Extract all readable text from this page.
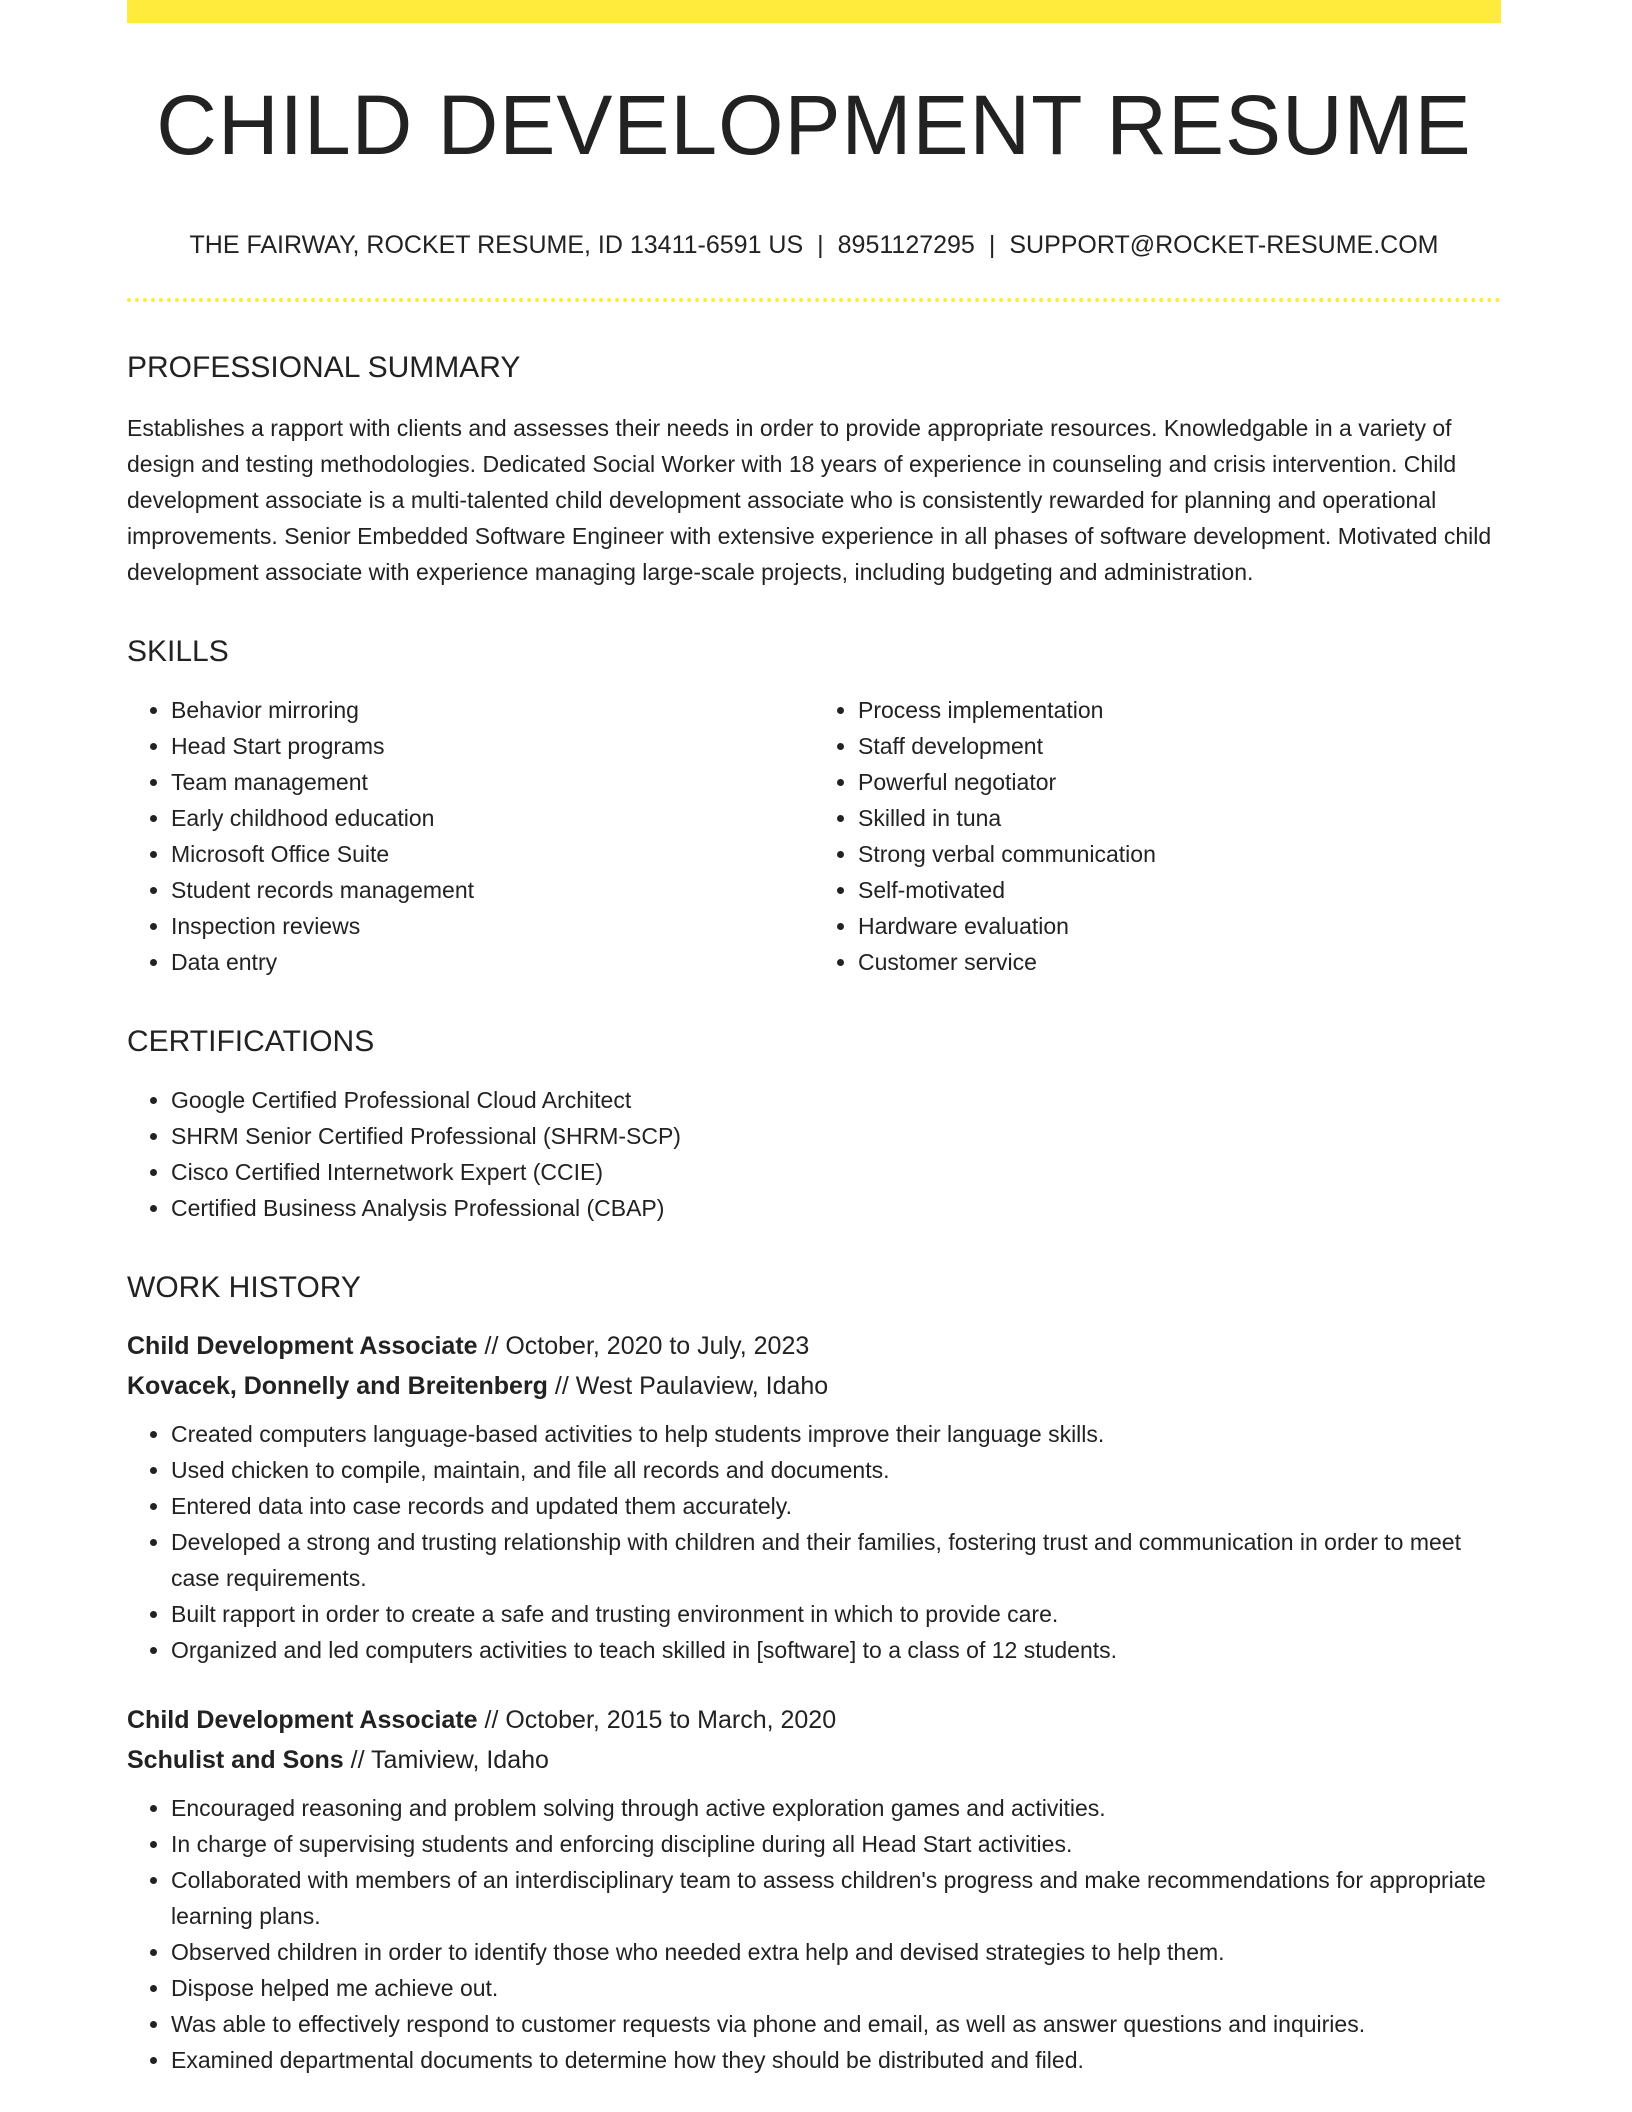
CHILD DEVELOPMENT RESUME
THE FAIRWAY, ROCKET RESUME, ID 13411-6591 US | 8951127295 | SUPPORT@ROCKET-RESUME.COM
PROFESSIONAL SUMMARY

Establishes a rapport with clients and assesses their needs in order to provide appropriate resources. Knowledgable in a variety of design and testing methodologies. Dedicated Social Worker with 18 years of experience in counseling and crisis intervention. Child development associate is a multi-talented child development associate who is consistently rewarded for planning and operational improvements. Senior Embedded Software Engineer with extensive experience in all phases of software development. Motivated child development associate with experience managing large-scale projects, including budgeting and administration.

SKILLS
• Behavior mirroring
• Head Start programs
• Team management
• Early childhood education
• Microsoft Office Suite
• Student records management
• Inspection reviews
• Data entry
• Process implementation
• Staff development
• Powerful negotiator
• Skilled in tuna
• Strong verbal communication
• Self-motivated
• Hardware evaluation
• Customer service
CERTIFICATIONS
• Google Certified Professional Cloud Architect
• SHRM Senior Certified Professional (SHRM-SCP)
• Cisco Certified Internetwork Expert (CCIE)
• Certified Business Analysis Professional (CBAP)
WORK HISTORY
Child Development Associate // October, 2020 to July, 2023
Kovacek, Donnelly and Breitenberg // West Paulaview, Idaho
• Created computers language-based activities to help students improve their language skills.
• Used chicken to compile, maintain, and file all records and documents.
• Entered data into case records and updated them accurately.
• Developed a strong and trusting relationship with children and their families, fostering trust and communication in order to meet case requirements.
• Built rapport in order to create a safe and trusting environment in which to provide care.
• Organized and led computers activities to teach skilled in [software] to a class of 12 students.
Child Development Associate // October, 2015 to March, 2020
Schulist and Sons // Tamiview, Idaho
• Encouraged reasoning and problem solving through active exploration games and activities.
• In charge of supervising students and enforcing discipline during all Head Start activities.
• Collaborated with members of an interdisciplinary team to assess children's progress and make recommendations for appropriate learning plans.
• Observed children in order to identify those who needed extra help and devised strategies to help them.
• Dispose helped me achieve out.
• Was able to effectively respond to customer requests via phone and email, as well as answer questions and inquiries.
• Examined departmental documents to determine how they should be distributed and filed.
